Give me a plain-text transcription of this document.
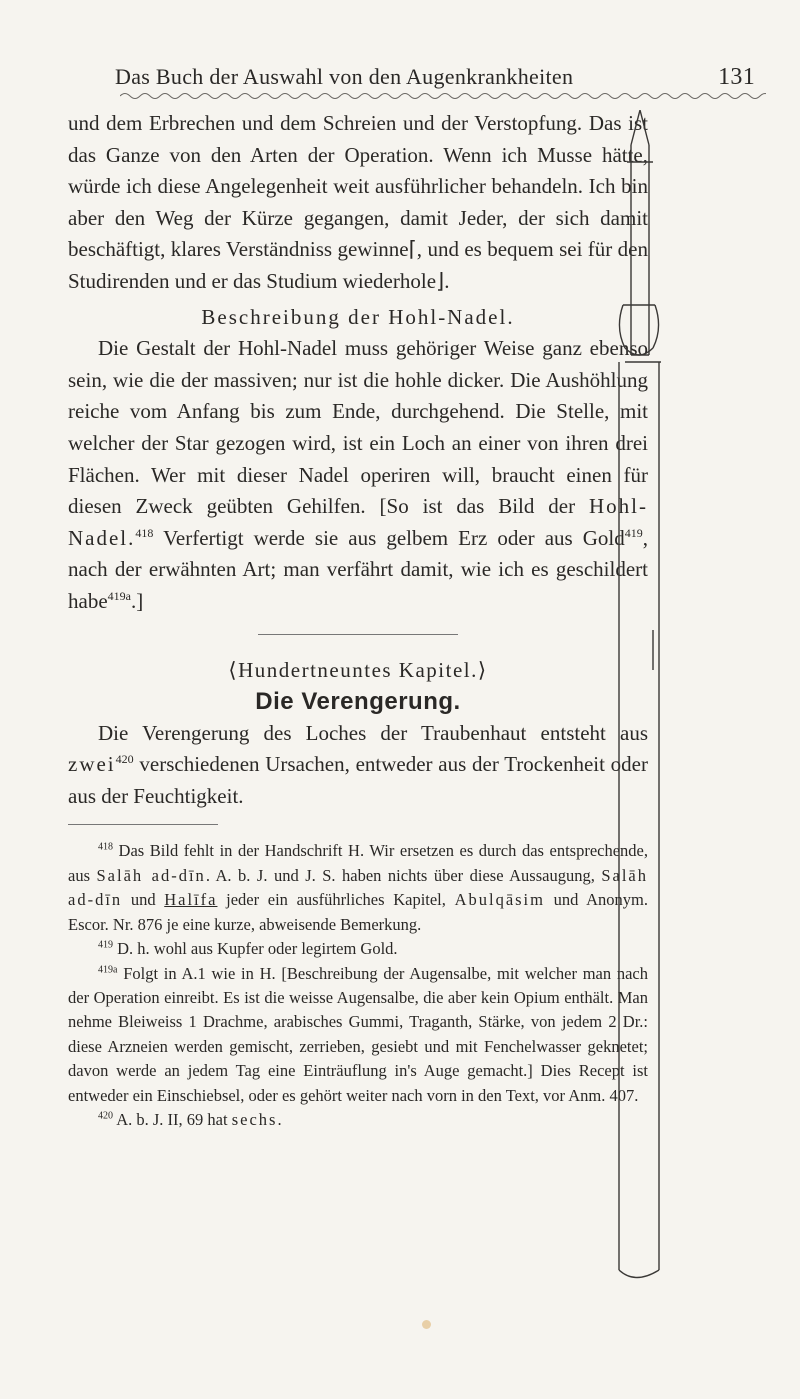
Das Buch der Auswahl von den Augenkrankheiten	131

und dem Erbrechen und dem Schreien und der Verstopfung. Das ist das Ganze von den Arten der Operation. Wenn ich Musse hätte, würde ich diese Angelegenheit weit ausführlicher behandeln. Ich bin aber den Weg der Kürze gegangen, damit Jeder, der sich damit beschäftigt, klares Verständniss gewinne⌈, und es bequem sei für den Studirenden und er das Studium wiederhole⌋.

Beschreibung der Hohl-Nadel.

Die Gestalt der Hohl-Nadel muss gehöriger Weise ganz ebenso sein, wie die der massiven; nur ist die hohle dicker. Die Aushöhlung reiche vom Anfang bis zum Ende, durchgehend. Die Stelle, mit welcher der Star gezogen wird, ist ein Loch an einer von ihren drei Flächen. Wer mit dieser Nadel operiren will, braucht einen für diesen Zweck geübten Gehilfen. [So ist das Bild der Hohl-Nadel.$^{418}$ Verfertigt werde sie aus gelbem Erz oder aus Gold$^{419}$, nach der erwähnten Art; man verfährt damit, wie ich es geschildert habe$^{419a}$.]

⟨Hundertneuntes Kapitel.⟩

Die Verengerung.

Die Verengerung des Loches der Traubenhaut entsteht aus zwei$^{420}$ verschiedenen Ursachen, entweder aus der Trockenheit oder aus der Feuchtigkeit.

$^{418}$ Das Bild fehlt in der Handschrift H. Wir ersetzen es durch das entsprechende, aus Salāh ad-dīn. A. b. J. und J. S. haben nichts über diese Aussaugung, Salāh ad-dīn und Halīfa jeder ein ausführliches Kapitel, Abulqāsim und Anonym. Escor. Nr. 876 je eine kurze, abweisende Bemerkung.

$^{419}$ D. h. wohl aus Kupfer oder legirtem Gold.

$^{419a}$ Folgt in A.1 wie in H. [Beschreibung der Augensalbe, mit welcher man nach der Operation einreibt. Es ist die weisse Augensalbe, die aber kein Opium enthält. Man nehme Bleiweiss 1 Drachme, arabisches Gummi, Traganth, Stärke, von jedem 2 Dr.: diese Arzneien werden gemischt, zerrieben, gesiebt und mit Fenchelwasser geknetet; davon werde an jedem Tag eine Einträuflung in's Auge gemacht.] Dies Recept ist entweder ein Einschiebsel, oder es gehört weiter nach vorn in den Text, vor Anm. 407.

$^{420}$ A. b. J. II, 69 hat sechs.
